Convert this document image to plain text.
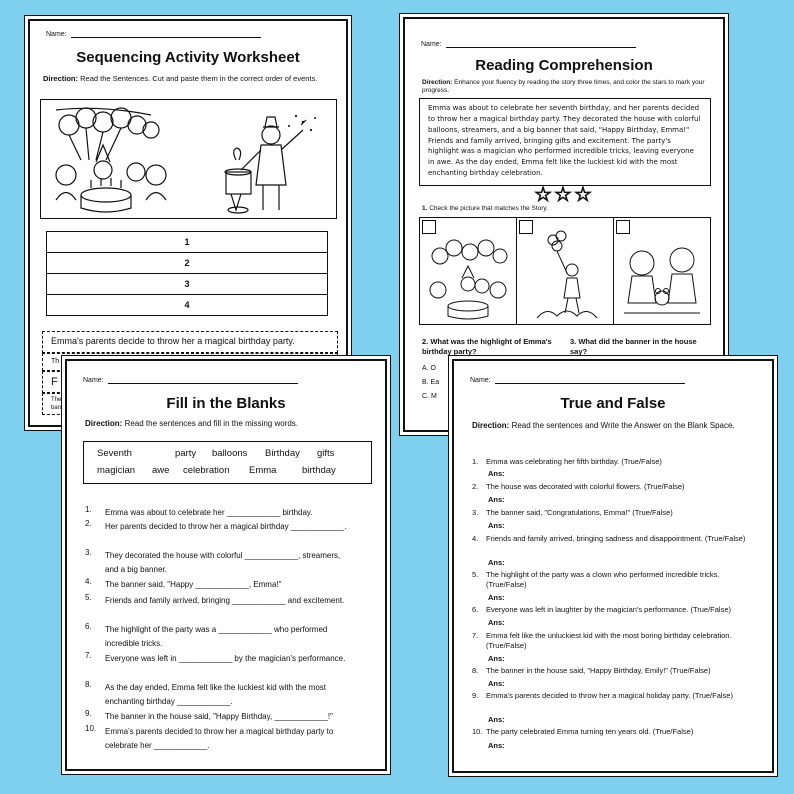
Name:
Sequencing Activity Worksheet
Direction: Read the Sentences. Cut and paste them in the correct order of events.
1
2
3
4
Emma's parents decide to throw her a magical birthday party.
Th
F
The
ban
Name:
Reading Comprehension
Direction: Enhance your fluency by reading the story three times, and color the stars to mark your progress.
Emma was about to celebrate her seventh birthday, and her parents decided to throw her a magical birthday party. They decorated the house with colorful balloons, streamers, and a big banner that said, "Happy Birthday, Emma!" Friends and family arrived, bringing gifts and excitement. The party's highlight was a magician who performed incredible tricks, leaving everyone in awe. As the day ended, Emma felt like the luckiest kid with the most enchanting birthday celebration.
☆☆☆
1. Check the picture that matches the Story.
2. What was the highlight of Emma's birthday party?
3. What did the banner in the house say?
A. O
B. Ea
C. M
Name:
Fill in the Blanks
Direction: Read the sentences and fill in the missing words.
Seventh	party balloons Birthday gifts
magician awe celebration Emma	birthday
1.	Emma was about to celebrate her ____________ birthday.
2.	Her parents decided to throw her a magical birthday ____________.
3.	They decorated the house with colorful ____________, streamers, and a big banner.
4.	The banner said, "Happy ____________, Emma!"
5.	Friends and family arrived, bringing ____________ and excitement.
6.	The highlight of the party was a ____________ who performed incredible tricks.
7.	Everyone was left in ____________ by the magician's performance.
8.	As the day ended, Emma felt like the luckiest kid with the most enchanting birthday ____________.
9.	The banner in the house said, "Happy Birthday, ____________!"
10.	Emma's parents decided to throw her a magical birthday party to celebrate her ____________.
Name:
True and False
Direction: Read the sentences and Write the Answer on the Blank Space.
1. Emma was celebrating her fifth birthday. (True/False)
Ans:
2. The house was decorated with colorful flowers. (True/False)
Ans:
3. The banner said, "Congratulations, Emma!" (True/False)
Ans:
4. Friends and family arrived, bringing sadness and disappointment. (True/False)
Ans:
5. The highlight of the party was a clown who performed incredible tricks. (True/False)
Ans:
6. Everyone was left in laughter by the magician's performance. (True/False)
Ans:
7. Emma felt like the unluckiest kid with the most boring birthday celebration. (True/False)
Ans:
8. The banner in the house said, "Happy Birthday, Emily!" (True/False)
Ans:
9. Emma's parents decided to throw her a magical holiday party. (True/False)
Ans:
10. The party celebrated Emma turning ten years old. (True/False)
Ans:
